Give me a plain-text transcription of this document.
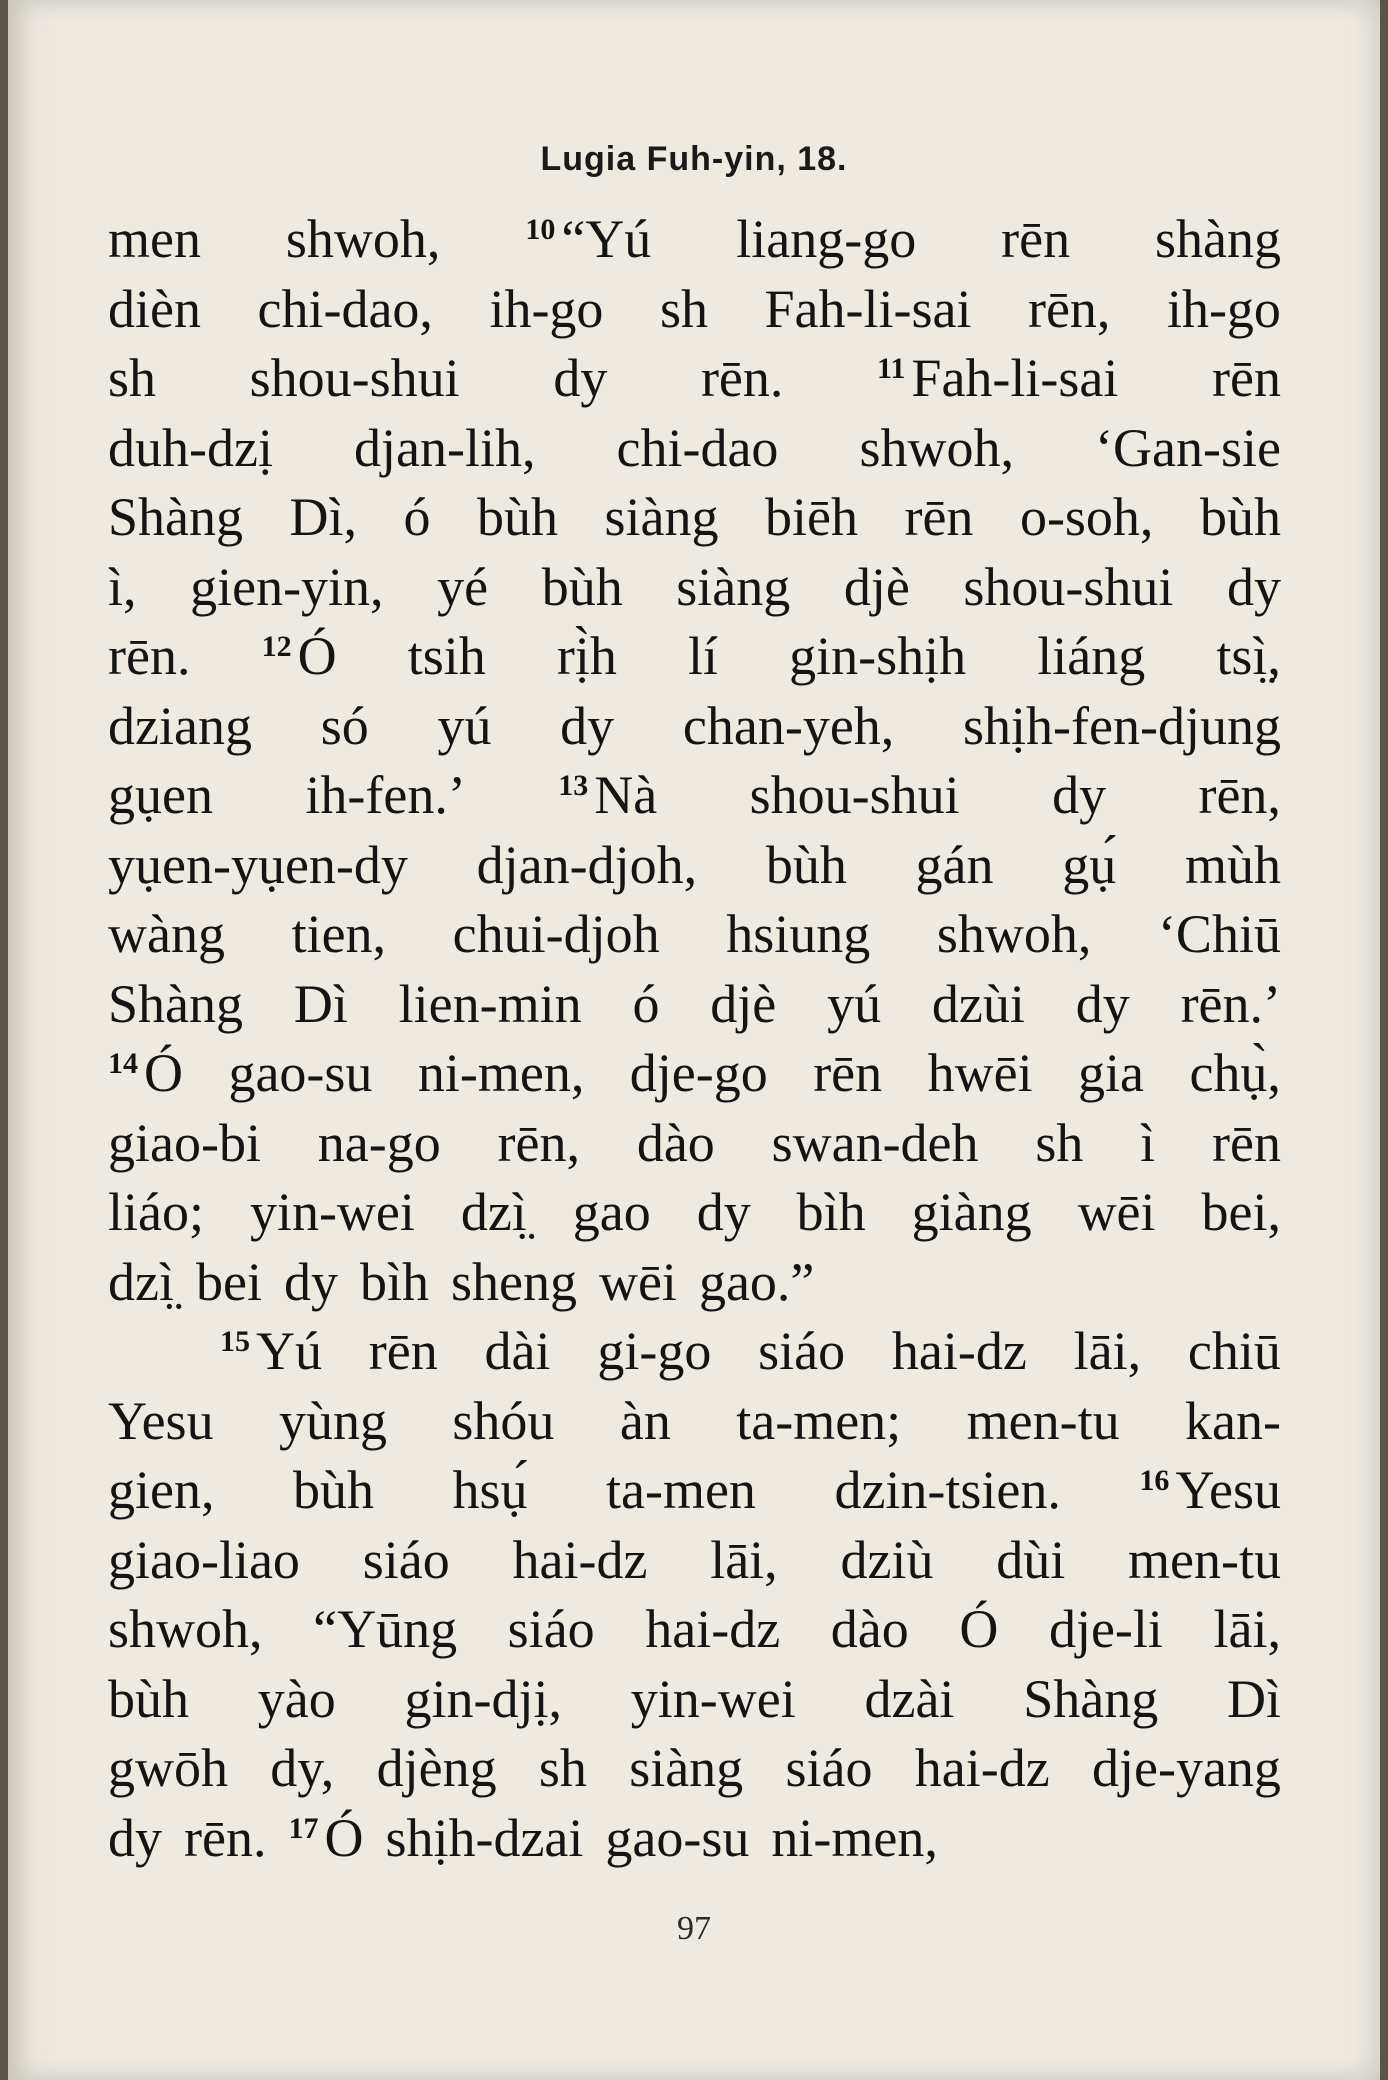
Lugia Fuh-yin, 18.
men shwoh,	$^{10}$ “Yú liang-go rēn shàng
dièn chi-dao, ih-go sh Fah-li-sai rēn, ih-go
sh shou-shui dy rēn.	$^{11}$ Fah-li-sai rēn
duh-dzị djan-lih, chi-dao shwoh, ‘Gan-sie
Shàng Dì, ó bùh siàng biēh rēn o-soh, bùh
ì, gien-yin, yé bùh siàng djè shou-shui dy
rēn. $^{12}$ Ó tsih rị̀h lí gin-shịh liáng tsì̤,
dziang só yú dy chan-yeh, shịh-fen-djung
gụen ih-fen.’	$^{13}$ Nà shou-shui dy rēn,
yụen-yụen-dy djan-djoh, bùh gán gụ́ mùh
wàng tien, chui-djoh hsiung shwoh, ‘Chiū
Shàng Dì lien-min ó djè yú dzùi dy rēn.’
$^{14}$ Ó gao-su ni-men, dje-go rēn hwēi gia chụ̀,
giao-bi na-go rēn, dào swan-deh sh ì rēn
liáo; yin-wei dzì̤ gao dy bìh giàng wēi bei,
dzì̤ bei dy bìh sheng wēi gao.”
$^{15}$ Yú rēn dài gi-go siáo hai-dz lāi, chiū
Yesu yùng shóu àn ta-men; men-tu kan-
gien, bùh hsụ́ ta-men dzin-tsien.	$^{16}$ Yesu
giao-liao siáo hai-dz lāi, dziù dùi men-tu
shwoh, “Yūng siáo hai-dz dào Ó dje-li lāi,
bùh yào gin-djị, yin-wei dzài Shàng Dì
gwōh dy, djèng sh siàng siáo hai-dz dje-yang
dy rēn. $^{17}$ Ó shịh-dzai gao-su ni-men,
97
